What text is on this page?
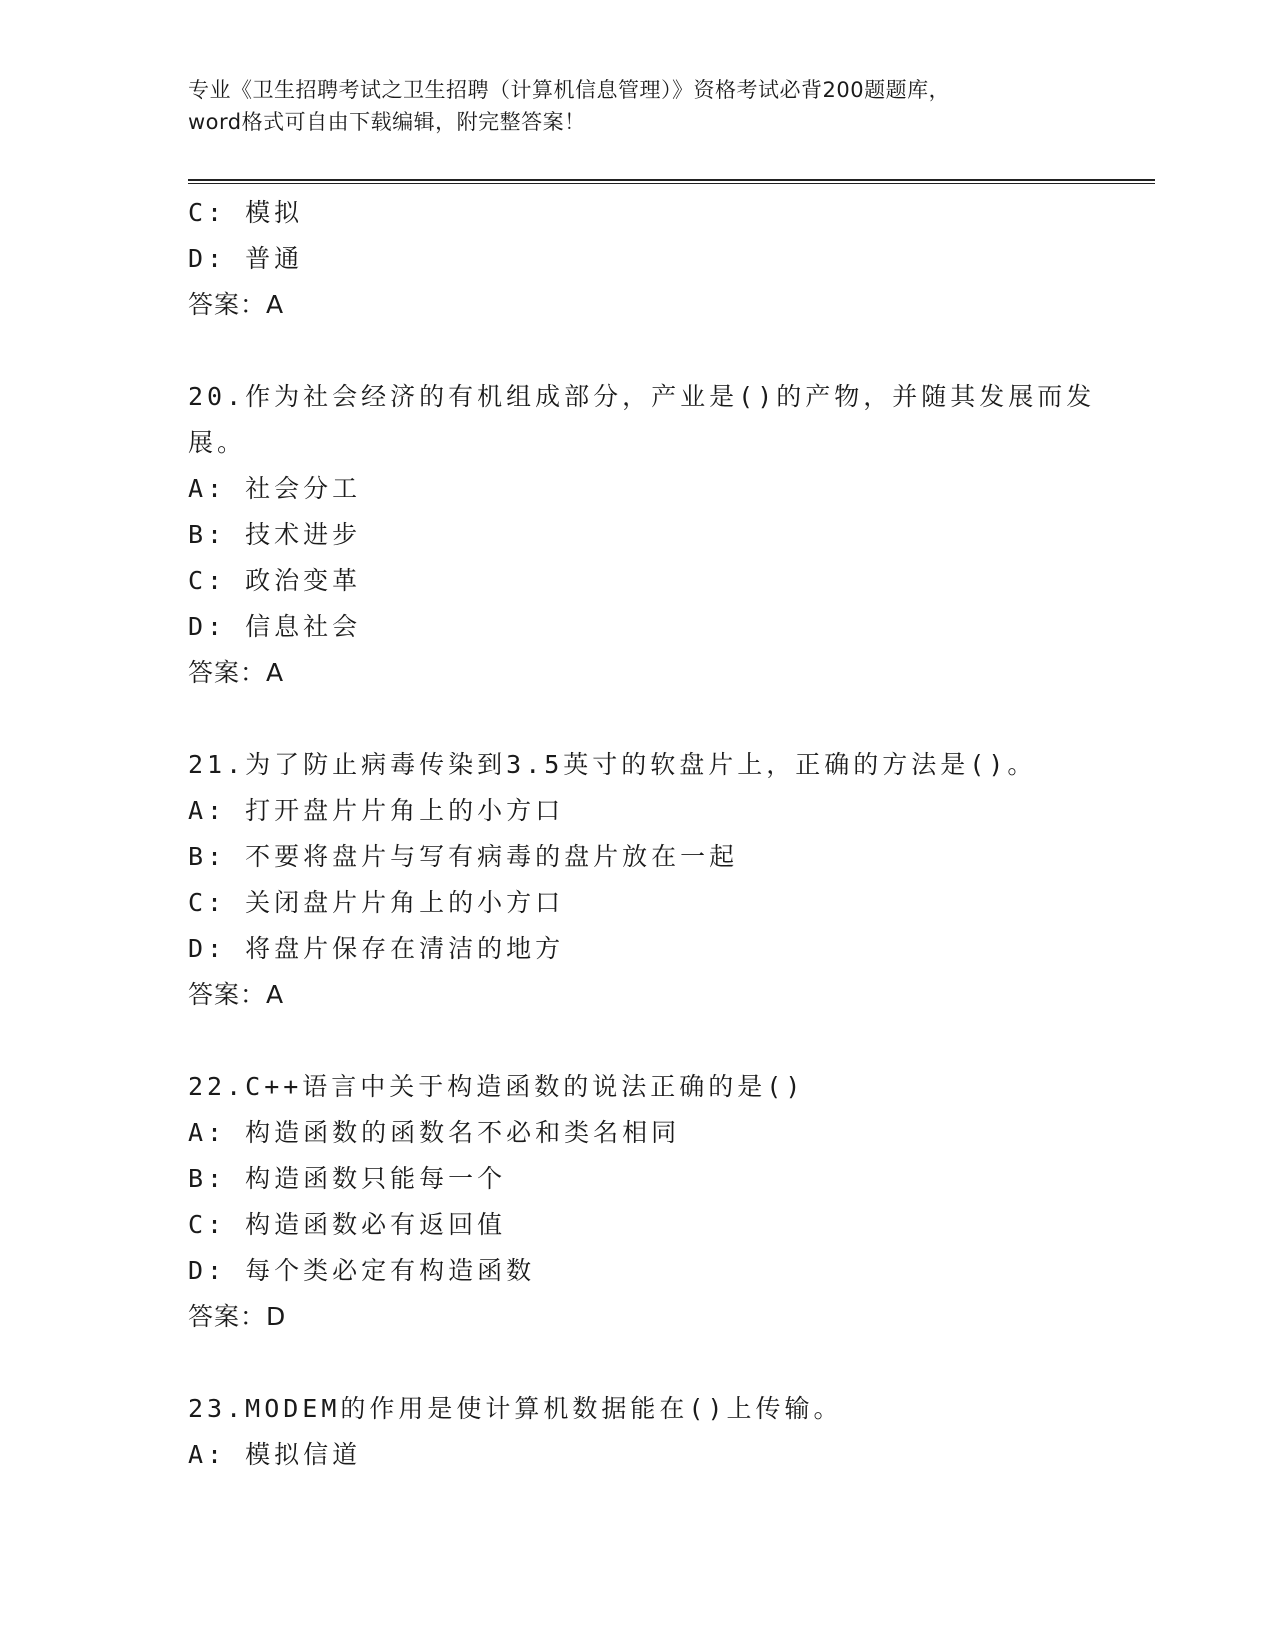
专业《卫生招聘考试之卫生招聘（计算机信息管理）》资格考试必背200题题库，
word格式可自由下载编辑，附完整答案！
C: 模拟
D: 普通
答案：A
20.作为社会经济的有机组成部分，产业是()的产物，并随其发展而发
展。
A: 社会分工
B: 技术进步
C: 政治变革
D: 信息社会
答案：A
21.为了防止病毒传染到3.5英寸的软盘片上，正确的方法是()。
A: 打开盘片片角上的小方口
B: 不要将盘片与写有病毒的盘片放在一起
C: 关闭盘片片角上的小方口
D: 将盘片保存在清洁的地方
答案：A
22.C++语言中关于构造函数的说法正确的是()
A: 构造函数的函数名不必和类名相同
B: 构造函数只能每一个
C: 构造函数必有返回值
D: 每个类必定有构造函数
答案：D
23.MODEM的作用是使计算机数据能在()上传输。
A: 模拟信道
